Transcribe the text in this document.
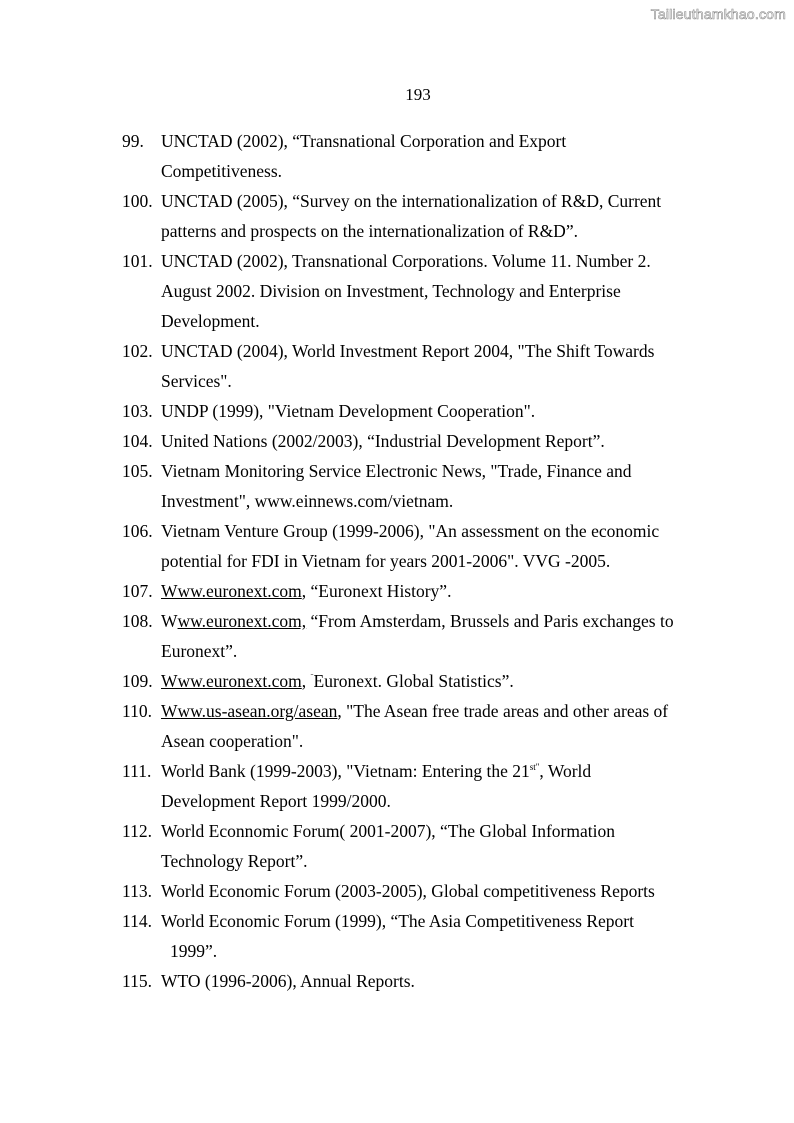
Tailieuthamkhao.com
193
99. UNCTAD (2002), “Transnational Corporation and Export
Competitiveness.
100. UNCTAD (2005), “Survey on the internationalization of R&D, Current
patterns and prospects on the internationalization of R&D”.
101. UNCTAD (2002), Transnational Corporations. Volume 11. Number 2.
August 2002. Division on Investment, Technology and Enterprise
Development.
102. UNCTAD (2004), World Investment Report 2004, "The Shift Towards
Services".
103. UNDP (1999), "Vietnam Development Cooperation".
104. United Nations (2002/2003), “Industrial Development Report”.
105. Vietnam Monitoring Service Electronic News, "Trade, Finance and
Investment", www.einnews.com/vietnam.
106. Vietnam Venture Group (1999-2006), "An assessment on the economic
potential for FDI in Vietnam for years 2001-2006". VVG -2005.
107. Www.euronext.com, “Euronext History”.
108. Www.euronext.com, “From Amsterdam, Brussels and Paris exchanges to
Euronext”.
109. Www.euronext.com, ¨Euronext. Global Statistics”.
110. Www.us-asean.org/asean, "The Asean free trade areas and other areas of
Asean cooperation".
111. World Bank (1999-2003), "Vietnam: Entering the $21^{st"}$, World
Development Report 1999/2000.
112. World Econnomic Forum( 2001-2007), “The Global Information
Technology Report”.
113. World Economic Forum (2003-2005), Global competitiveness Reports
114. World Economic Forum (1999), “The Asia Competitiveness Report
1999”.
115. WTO (1996-2006), Annual Reports.
